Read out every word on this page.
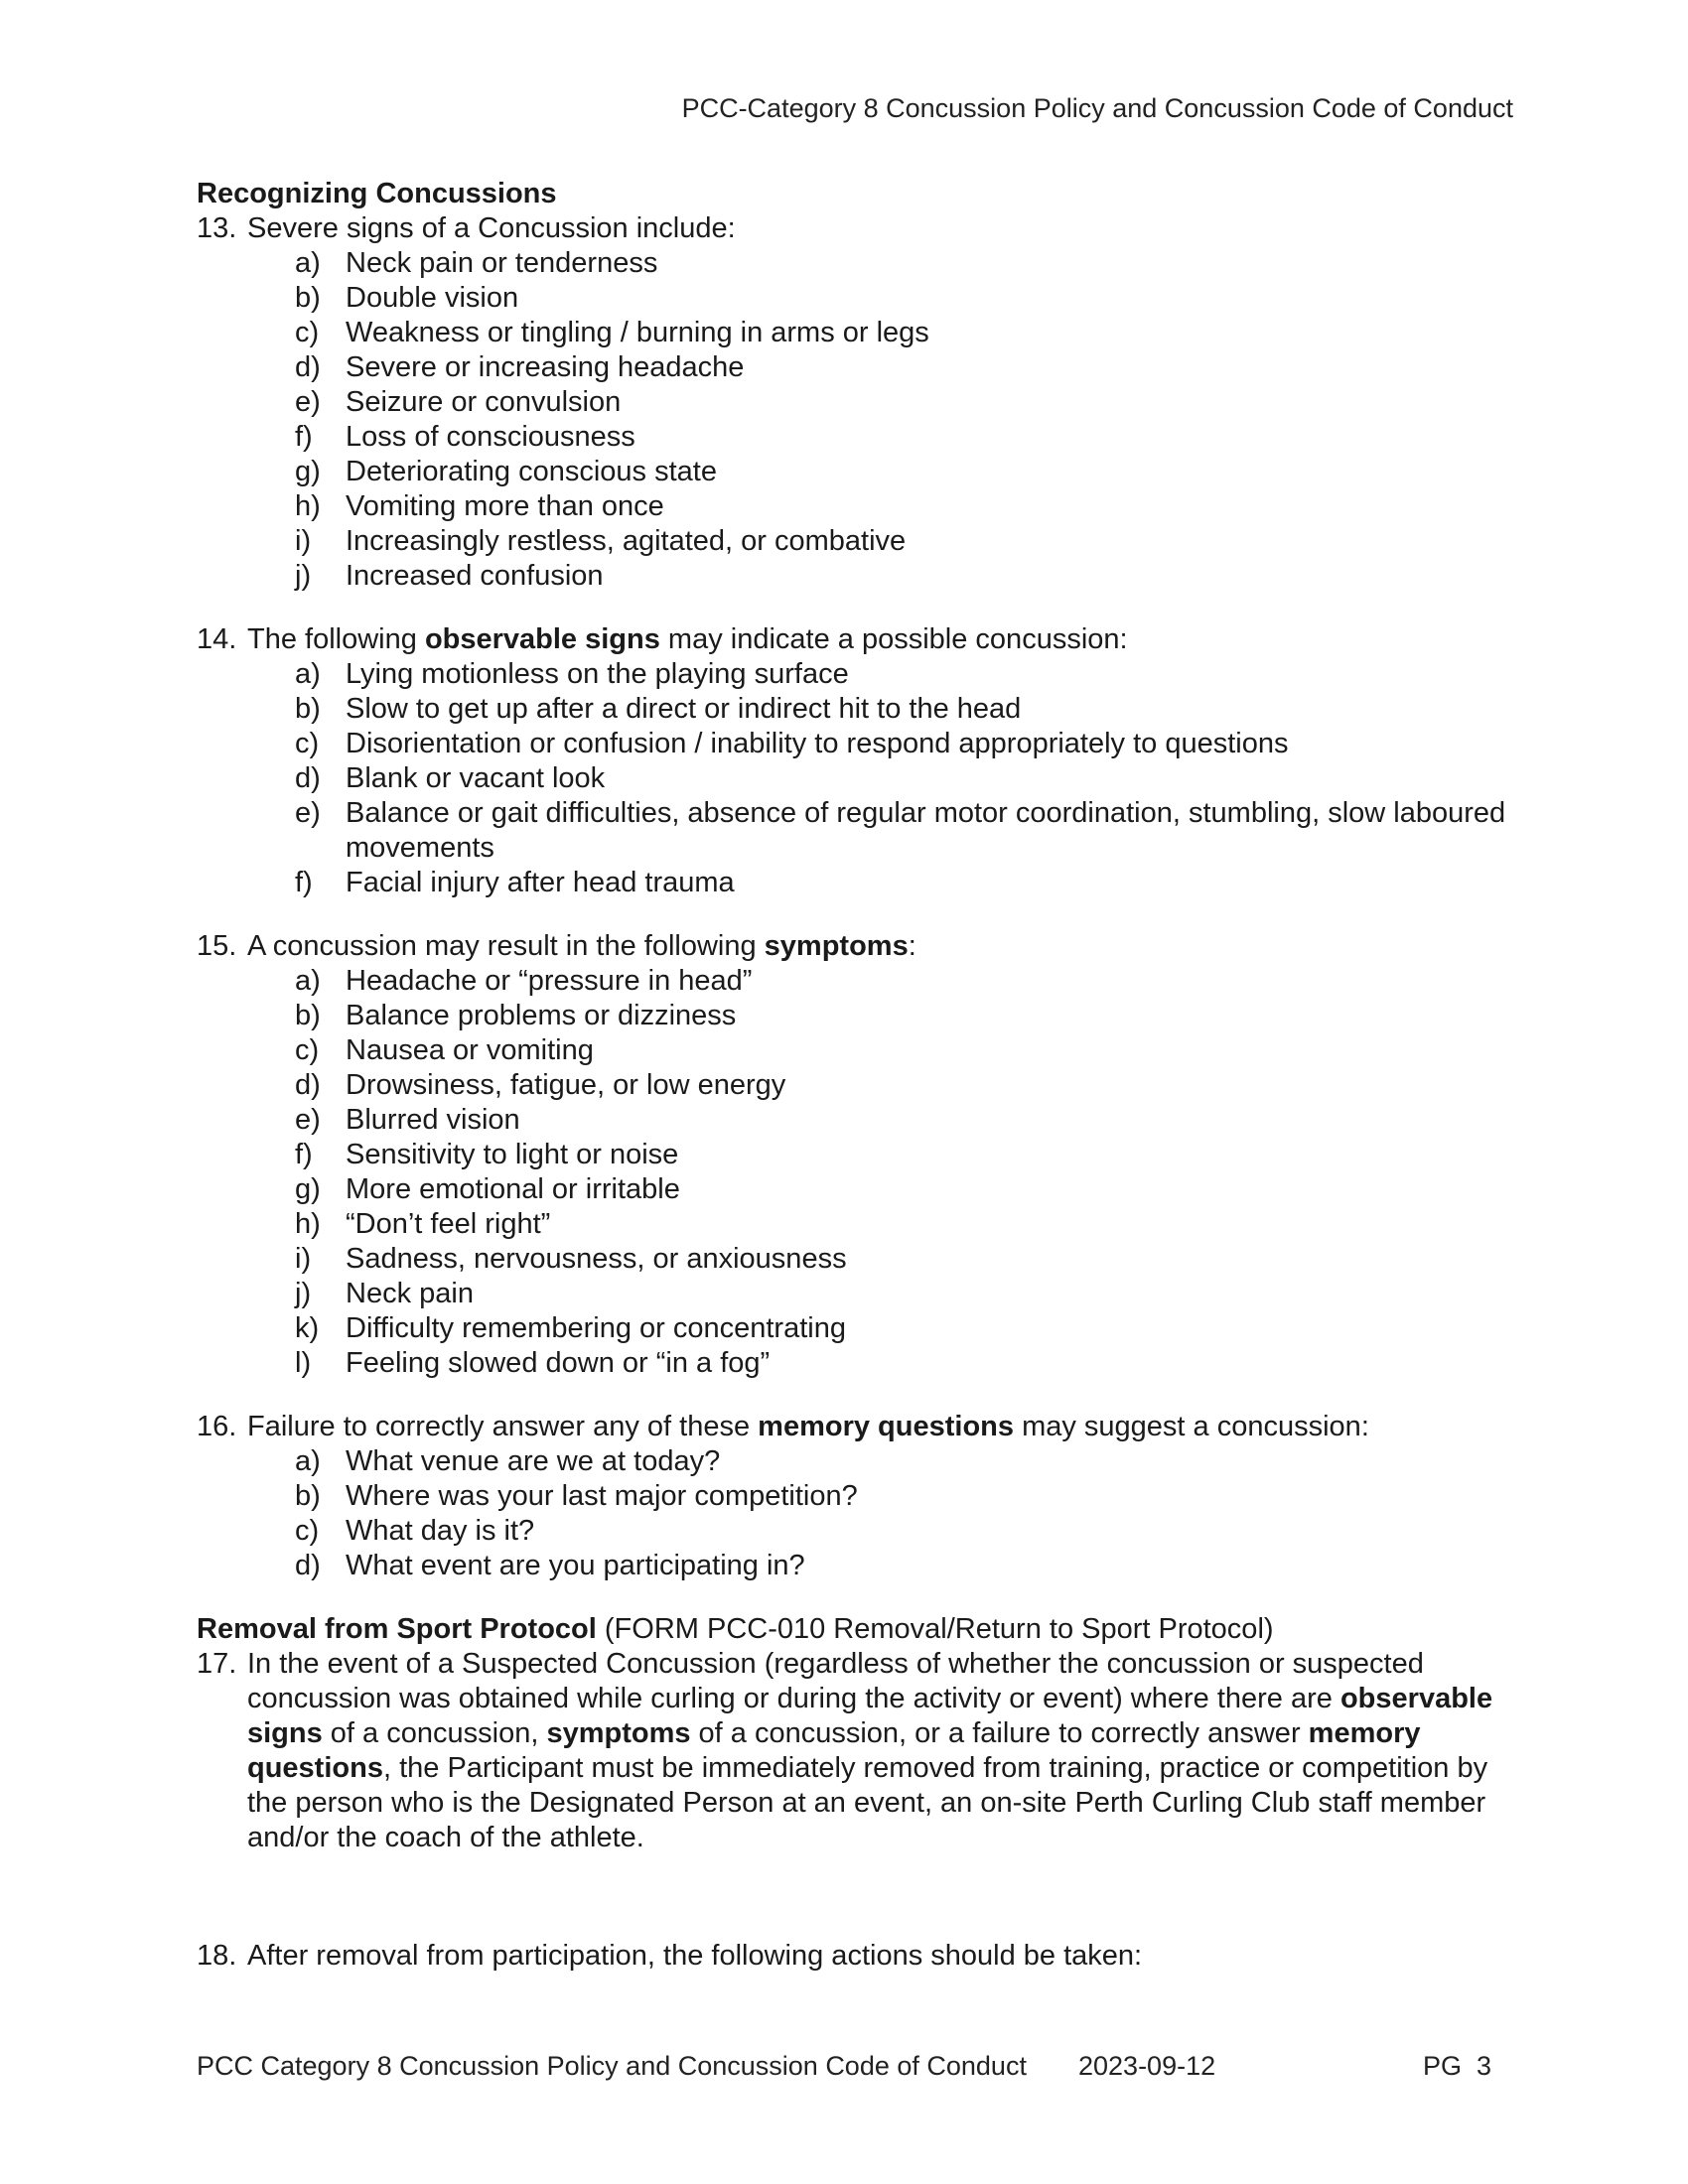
PCC-Category 8 Concussion Policy and Concussion Code of Conduct
Recognizing Concussions
13. Severe signs of a Concussion include:
a) Neck pain or tenderness
b) Double vision
c) Weakness or tingling / burning in arms or legs
d) Severe or increasing headache
e) Seizure or convulsion
f)	Loss of consciousness
g) Deteriorating conscious state
h) Vomiting more than once
i)	Increasingly restless, agitated, or combative
j)	Increased confusion
14. The following observable signs may indicate a possible concussion:
a) Lying motionless on the playing surface
b) Slow to get up after a direct or indirect hit to the head
c) Disorientation or confusion / inability to respond appropriately to questions
d) Blank or vacant look
e) Balance or gait difficulties, absence of regular motor coordination, stumbling, slow laboured movements
f)	Facial injury after head trauma
15. A concussion may result in the following symptoms:
a) Headache or “pressure in head”
b) Balance problems or dizziness
c) Nausea or vomiting
d) Drowsiness, fatigue, or low energy
e) Blurred vision
f)	Sensitivity to light or noise
g) More emotional or irritable
h) “Don’t feel right”
i)	Sadness, nervousness, or anxiousness
j)	Neck pain
k) Difficulty remembering or concentrating
l)	Feeling slowed down or “in a fog”
16. Failure to correctly answer any of these memory questions may suggest a concussion:
a) What venue are we at today?
b) Where was your last major competition?
c) What day is it?
d) What event are you participating in?
Removal from Sport Protocol (FORM PCC-010 Removal/Return to Sport Protocol)
17. In the event of a Suspected Concussion (regardless of whether the concussion or suspected concussion was obtained while curling or during the activity or event) where there are observable signs of a concussion, symptoms of a concussion, or a failure to correctly answer memory questions, the Participant must be immediately removed from training, practice or competition by the person who is the Designated Person at an event, an on-site Perth Curling Club staff member and/or the coach of the athlete.
18. After removal from participation, the following actions should be taken:
PCC Category 8 Concussion Policy and Concussion Code of Conduct 2023-09-12	PG  3
